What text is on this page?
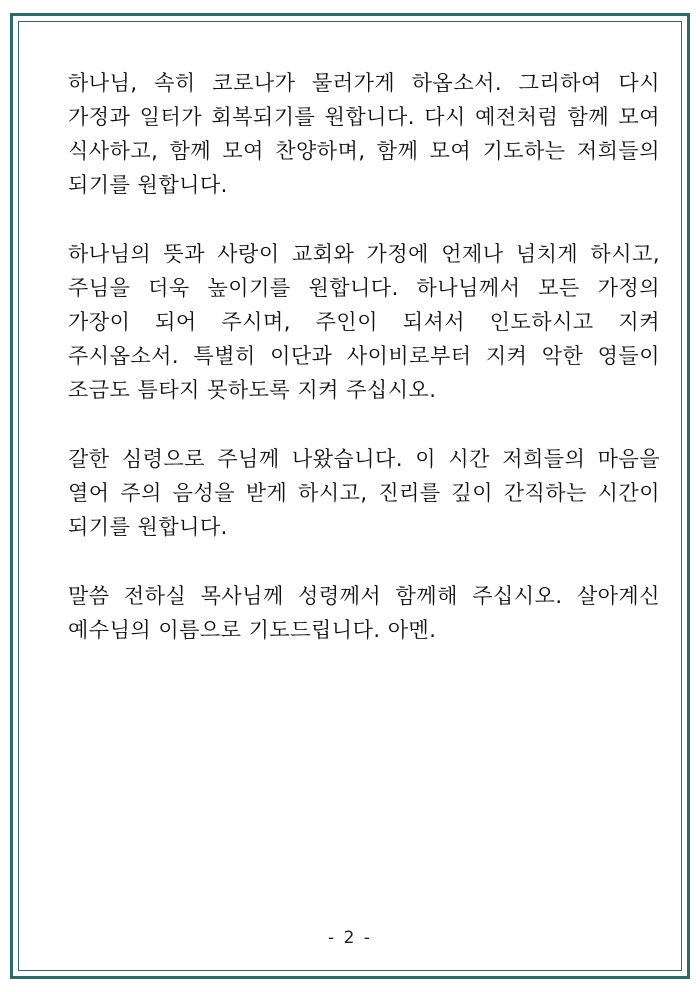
하나님, 속히 코로나가 물러가게 하옵소서. 그리하여 다시 가정과 일터가 회복되기를 원합니다. 다시 예전처럼 함께 모여 식사하고, 함께 모여 찬양하며, 함께 모여 기도하는 저희들의 되기를 원합니다.

하나님의 뜻과 사랑이 교회와 가정에 언제나 넘치게 하시고, 주님을 더욱 높이기를 원합니다. 하나님께서 모든 가정의 가장이 되어 주시며, 주인이 되셔서 인도하시고 지켜 주시옵소서. 특별히 이단과 사이비로부터 지켜 악한 영들이 조금도 틈타지 못하도록 지켜 주십시오.

갈한 심령으로 주님께 나왔습니다. 이 시간 저희들의 마음을 열어 주의 음성을 받게 하시고, 진리를 깊이 간직하는 시간이 되기를 원합니다.

말씀 전하실 목사님께 성령께서 함께해 주십시오. 살아계신 예수님의 이름으로 기도드립니다. 아멘.

- 2 -
